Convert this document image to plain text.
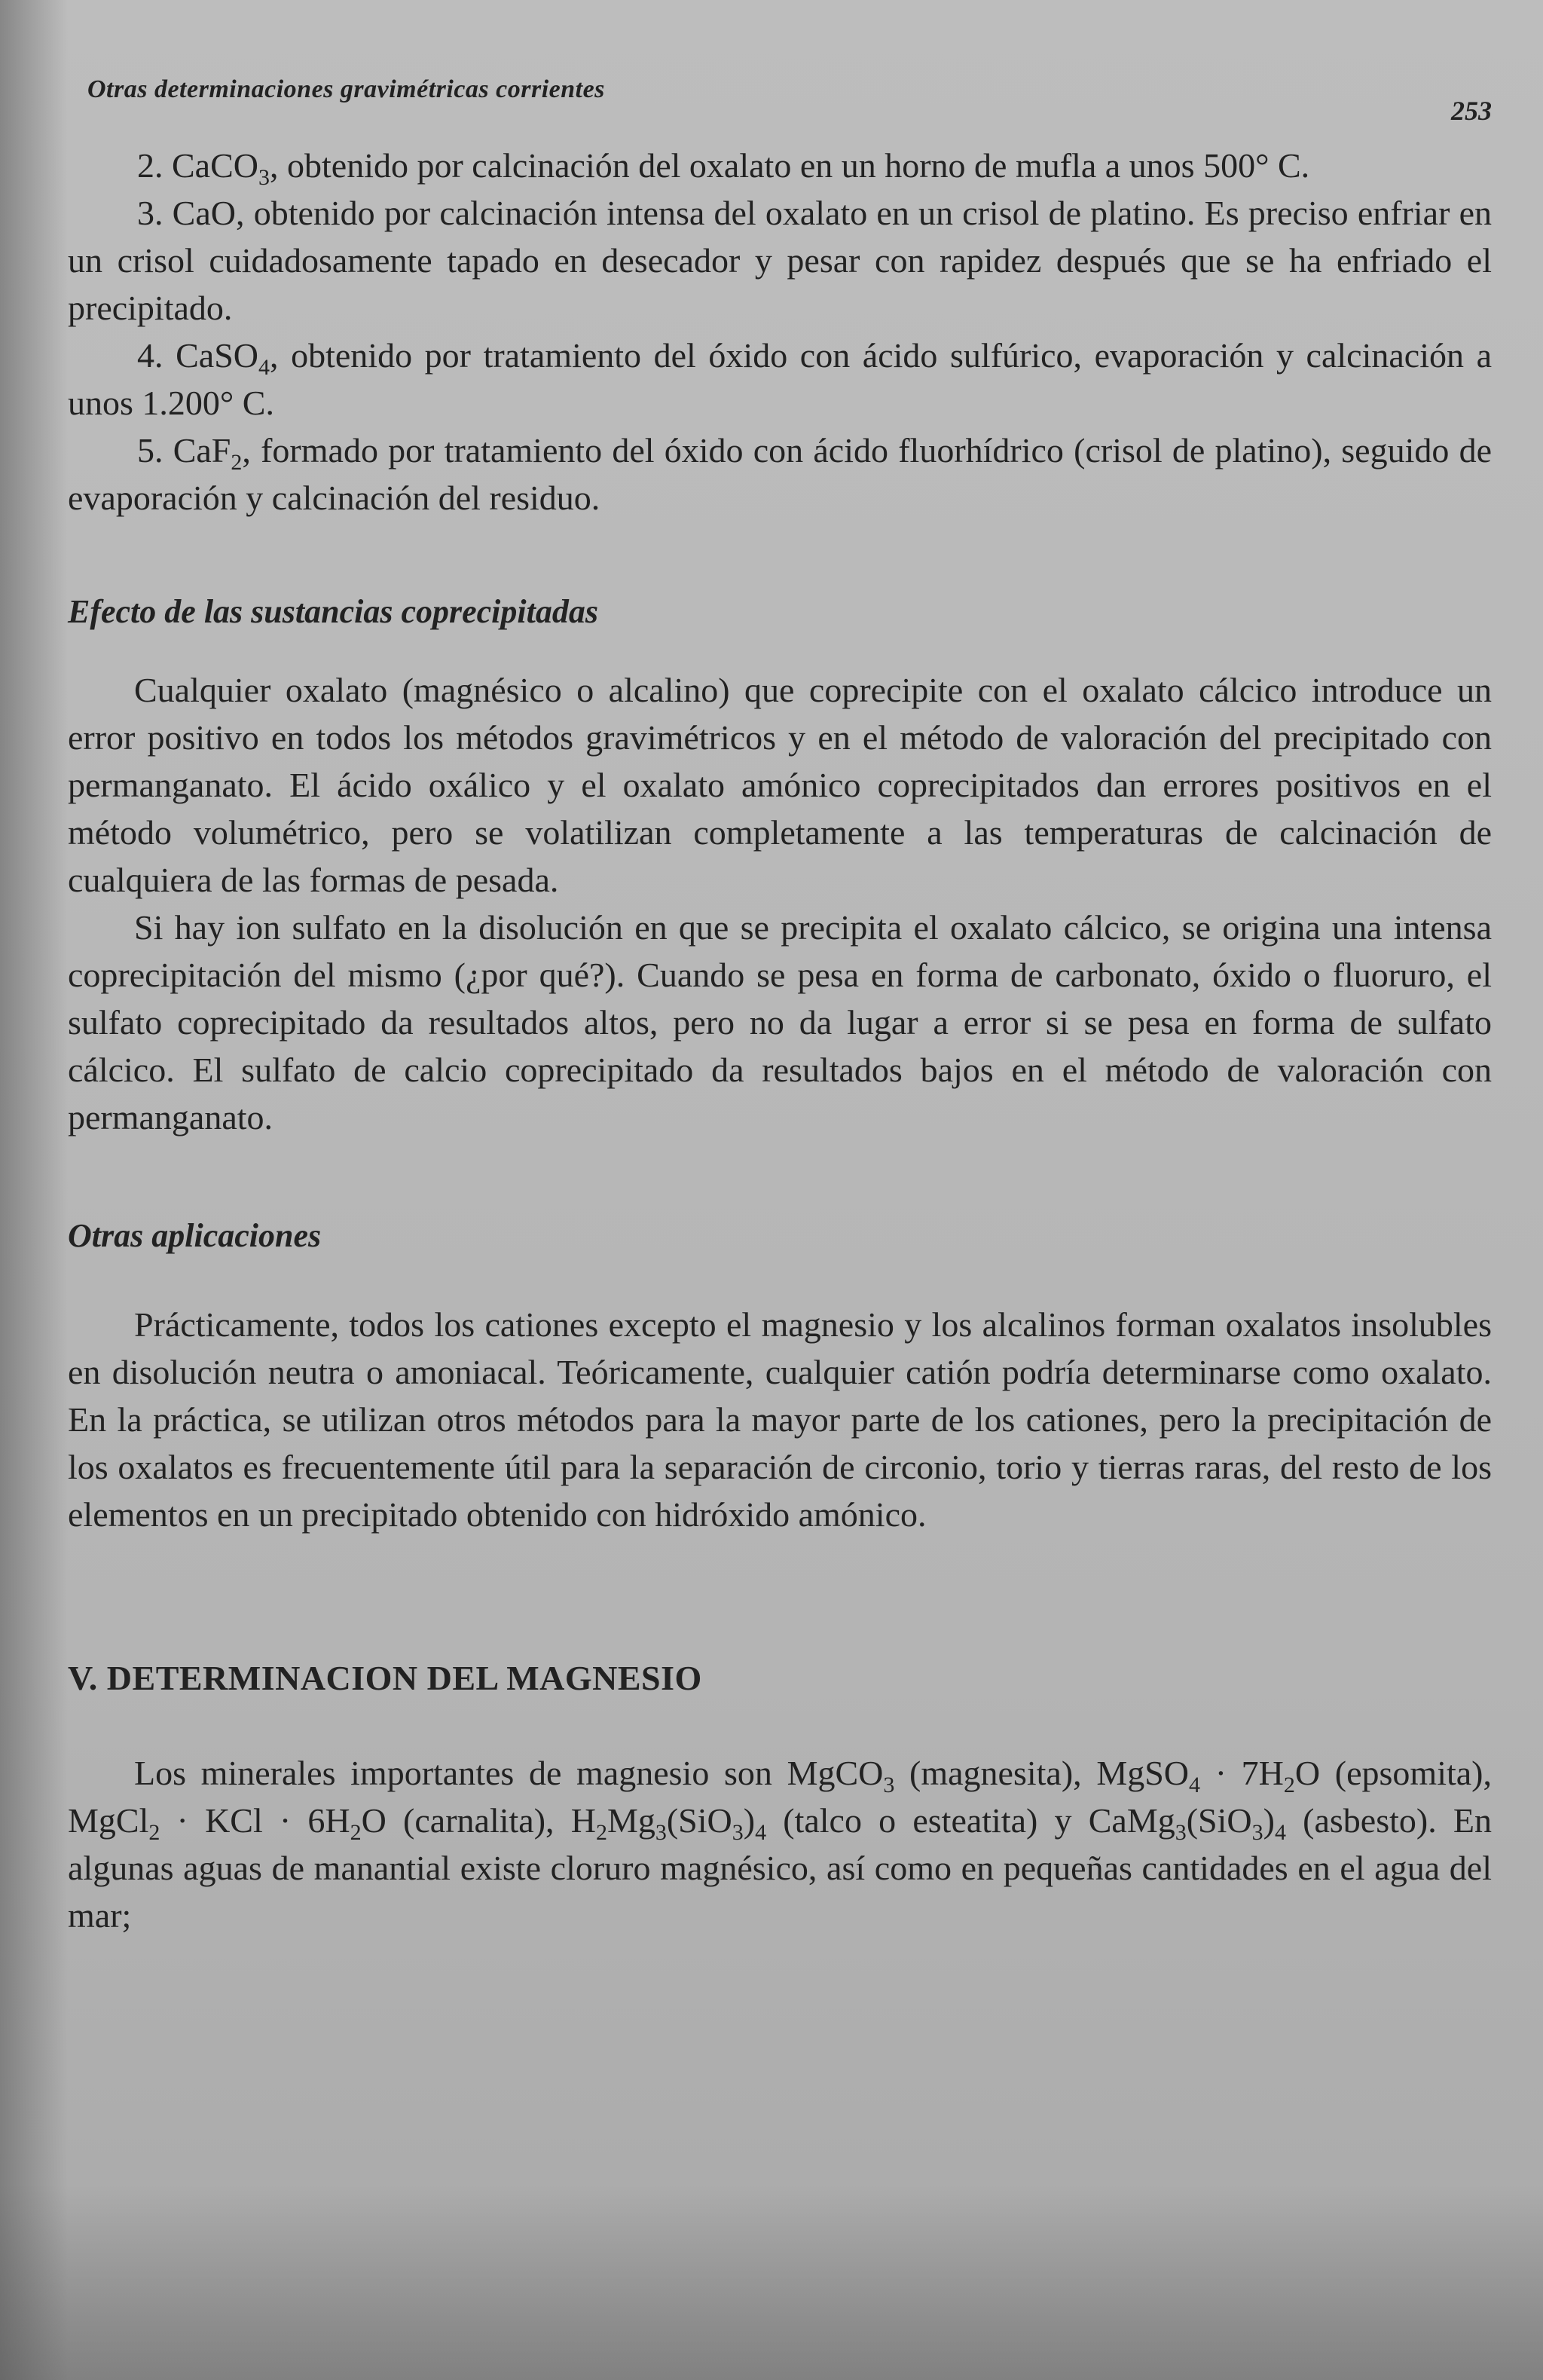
Otras determinaciones gravimétricas corrientes
253

2. CaCO$_3$, obtenido por calcinación del oxalato en un horno de mufla a unos 500° C.

3. CaO, obtenido por calcinación intensa del oxalato en un crisol de platino. Es preciso enfriar en un crisol cuidadosamente tapado en desecador y pesar con rapidez después que se ha enfriado el precipitado.

4. CaSO$_4$, obtenido por tratamiento del óxido con ácido sulfúrico, evaporación y calcinación a unos 1.200° C.

5. CaF$_2$, formado por tratamiento del óxido con ácido fluorhídrico (crisol de platino), seguido de evaporación y calcinación del residuo.

Efecto de las sustancias coprecipitadas

Cualquier oxalato (magnésico o alcalino) que coprecipite con el oxalato cálcico introduce un error positivo en todos los métodos gravimétricos y en el método de valoración del precipitado con permanganato. El ácido oxálico y el oxalato amónico coprecipitados dan errores positivos en el método volumétrico, pero se volatilizan completamente a las temperaturas de calcinación de cualquiera de las formas de pesada.

Si hay ion sulfato en la disolución en que se precipita el oxalato cálcico, se origina una intensa coprecipitación del mismo (¿por qué?). Cuando se pesa en forma de carbonato, óxido o fluoruro, el sulfato coprecipitado da resultados altos, pero no da lugar a error si se pesa en forma de sulfato cálcico. El sulfato de calcio coprecipitado da resultados bajos en el método de valoración con permanganato.

Otras aplicaciones

Prácticamente, todos los cationes excepto el magnesio y los alcalinos forman oxalatos insolubles en disolución neutra o amoniacal. Teóricamente, cualquier catión podría determinarse como oxalato. En la práctica, se utilizan otros métodos para la mayor parte de los cationes, pero la precipitación de los oxalatos es frecuentemente útil para la separación de circonio, torio y tierras raras, del resto de los elementos en un precipitado obtenido con hidróxido amónico.

V. DETERMINACION DEL MAGNESIO

Los minerales importantes de magnesio son MgCO$_3$ (magnesita), MgSO$_4$ · $7H_2O$ (epsomita), MgCl$_2$ · KCl · $6H_2O$ (carnalita), $H_2Mg_3(SiO_3)_4$ (talco o esteatita) y $CaMg_3(SiO_3)_4$ (asbesto). En algunas aguas de manantial existe cloruro magnésico, así como en pequeñas cantidades en el agua del mar;
